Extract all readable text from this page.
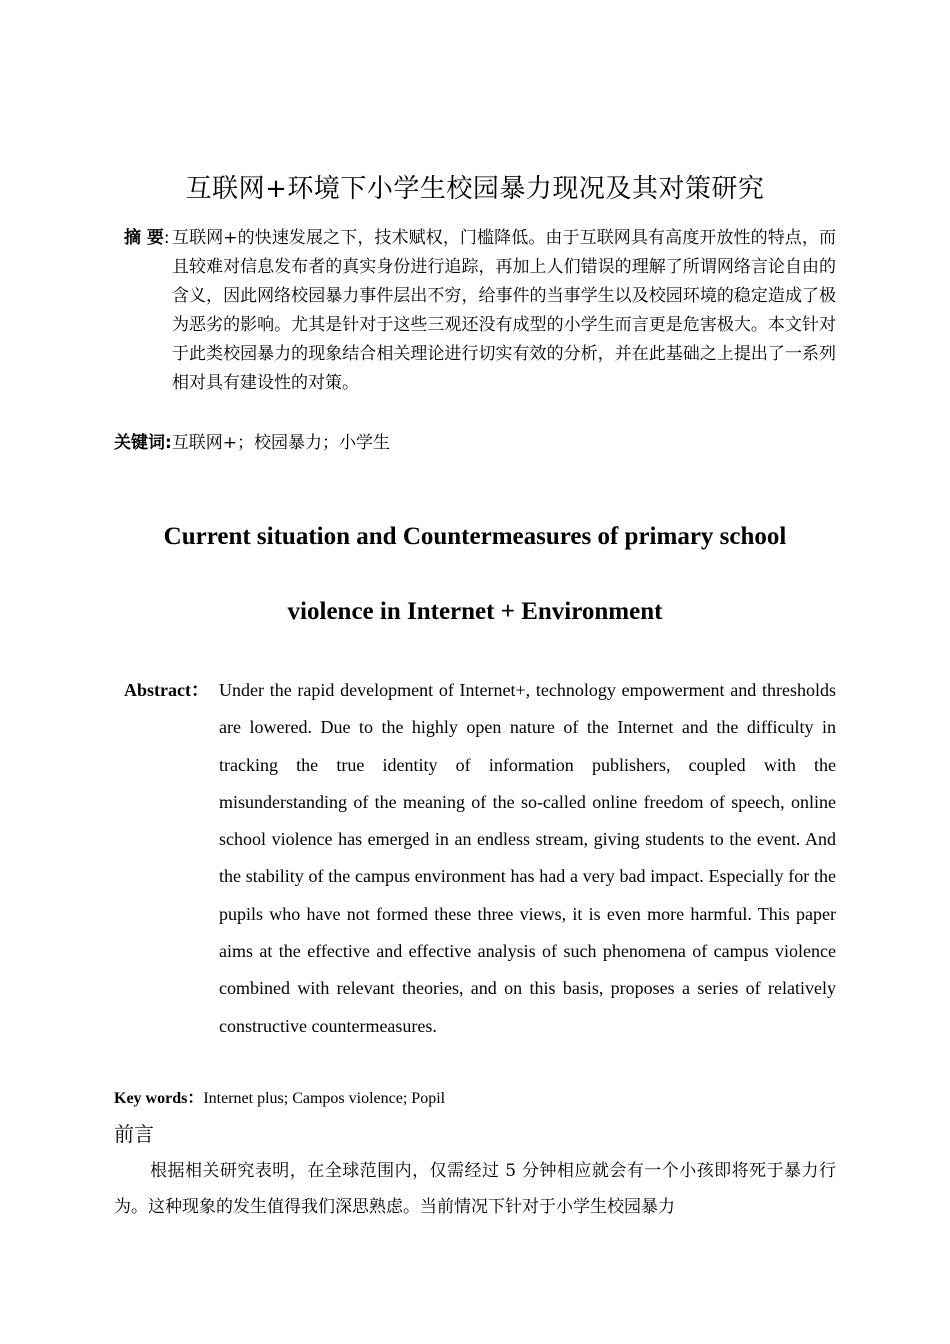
互联网+环境下小学生校园暴力现况及其对策研究
摘 要: 互联网+的快速发展之下，技术赋权，门槛降低。由于互联网具有高度开放性的特点，而且较难对信息发布者的真实身份进行追踪，再加上人们错误的理解了所谓网络言论自由的含义，因此网络校园暴力事件层出不穷，给事件的当事学生以及校园环境的稳定造成了极为恶劣的影响。尤其是针对于这些三观还没有成型的小学生而言更是危害极大。本文针对于此类校园暴力的现象结合相关理论进行切实有效的分析，并在此基础之上提出了一系列相对具有建设性的对策。
关键词:互联网+；校园暴力；小学生
Current situation and Countermeasures of primary school
violence in Internet + Environment
Abstract： Under the rapid development of Internet+, technology empowerment and thresholds are lowered. Due to the highly open nature of the Internet and the difficulty in tracking the true identity of information publishers, coupled with the misunderstanding of the meaning of the so-called online freedom of speech, online school violence has emerged in an endless stream, giving students to the event. And the stability of the campus environment has had a very bad impact. Especially for the pupils who have not formed these three views, it is even more harmful. This paper aims at the effective and effective analysis of such phenomena of campus violence combined with relevant theories, and on this basis, proposes a series of relatively constructive countermeasures.
Key words：Internet plus; Campos violence; Popil
前言
根据相关研究表明，在全球范围内，仅需经过 5 分钟相应就会有一个小孩即将死于暴力行为。这种现象的发生值得我们深思熟虑。当前情况下针对于小学生校园暴力
